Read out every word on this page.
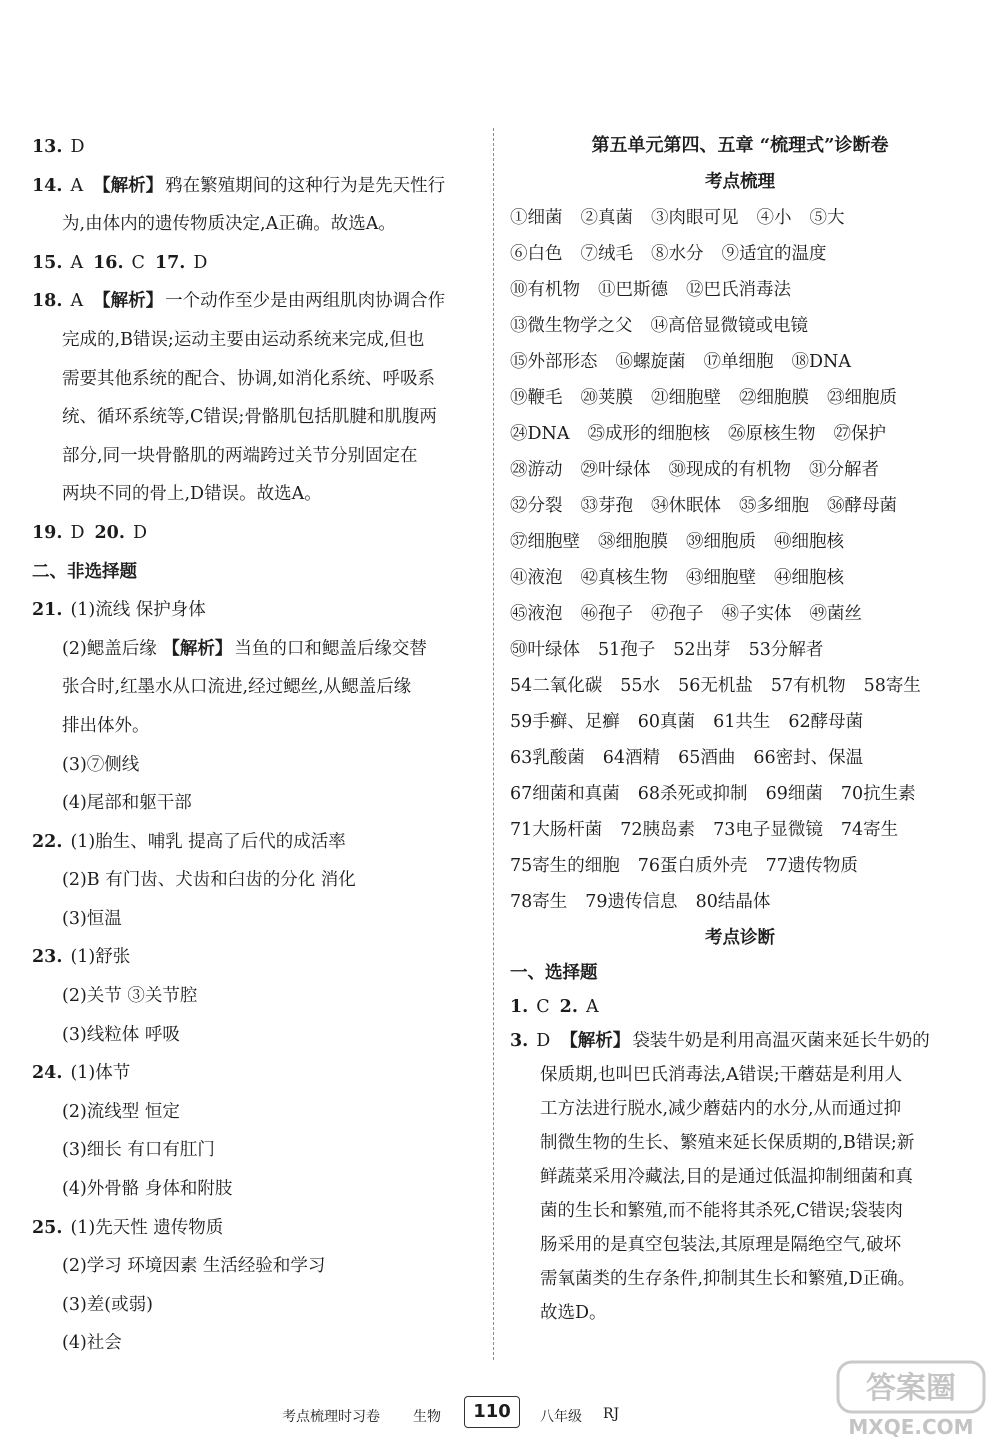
13. D
14. A 【解析】 鸦在繁殖期间的这种行为是先天性行
为,由体内的遗传物质决定,A正确。故选A。
15. A 16. C 17. D
18. A 【解析】 一个动作至少是由两组肌肉协调合作
完成的,B错误;运动主要由运动系统来完成,但也
需要其他系统的配合、协调,如消化系统、呼吸系
统、循环系统等,C错误;骨骼肌包括肌腱和肌腹两
部分,同一块骨骼肌的两端跨过关节分别固定在
两块不同的骨上,D错误。故选A。
19. D 20. D
二、非选择题
21. (1)流线 保护身体
(2)鳃盖后缘 【解析】 当鱼的口和鳃盖后缘交替
张合时,红墨水从口流进,经过鳃丝,从鳃盖后缘
排出体外。
(3)⑦侧线
(4)尾部和躯干部
22. (1)胎生、哺乳 提高了后代的成活率
(2)B 有门齿、犬齿和臼齿的分化 消化
(3)恒温
23. (1)舒张
(2)关节 ③关节腔
(3)线粒体 呼吸
24. (1)体节
(2)流线型 恒定
(3)细长 有口有肛门
(4)外骨骼 身体和附肢
25. (1)先天性 遗传物质
(2)学习 环境因素 生活经验和学习
(3)差(或弱)
(4)社会
第五单元第四、五章 “梳理式”诊断卷
考点梳理
①细菌 ②真菌 ③肉眼可见 ④小 ⑤大
⑥白色 ⑦绒毛 ⑧水分 ⑨适宜的温度
⑩有机物 ⑪巴斯德 ⑫巴氏消毒法
⑬微生物学之父 ⑭高倍显微镜或电镜
⑮外部形态 ⑯螺旋菌 ⑰单细胞 ⑱DNA
⑲鞭毛 ⑳荚膜 ㉑细胞壁 ㉒细胞膜 ㉓细胞质
㉔DNA ㉕成形的细胞核 ㉖原核生物 ㉗保护
㉘游动 ㉙叶绿体 ㉚现成的有机物 ㉛分解者
㉜分裂 ㉝芽孢 ㉞休眠体 ㉟多细胞 ㊱酵母菌
㊲细胞壁 ㊳细胞膜 ㊴细胞质 ㊵细胞核
㊶液泡 ㊷真核生物 ㊸细胞壁 ㊹细胞核
㊺液泡 ㊻孢子 ㊼孢子 ㊽子实体 ㊾菌丝
㊿叶绿体 51孢子 52出芽 53分解者
54二氧化碳 55水 56无机盐 57有机物 58寄生
59手癣、足癣 60真菌 61共生 62酵母菌
63乳酸菌 64酒精 65酒曲 66密封、保温
67细菌和真菌 68杀死或抑制 69细菌 70抗生素
71大肠杆菌 72胰岛素 73电子显微镜 74寄生
75寄生的细胞 76蛋白质外壳 77遗传物质
78寄生 79遗传信息 80结晶体
考点诊断
一、选择题
1. C 2. A
3. D 【解析】 袋装牛奶是利用高温灭菌来延长牛奶的
保质期,也叫巴氏消毒法,A错误;干蘑菇是利用人
工方法进行脱水,减少蘑菇内的水分,从而通过抑
制微生物的生长、繁殖来延长保质期的,B错误;新
鲜蔬菜采用冷藏法,目的是通过低温抑制细菌和真
菌的生长和繁殖,而不能将其杀死,C错误;袋装肉
肠采用的是真空包装法,其原理是隔绝空气,破坏
需氧菌类的生存条件,抑制其生长和繁殖,D正确。
故选D。
考点梳理时习卷 生物	110	八年级 RJ
答案圈
MXQE.COM
